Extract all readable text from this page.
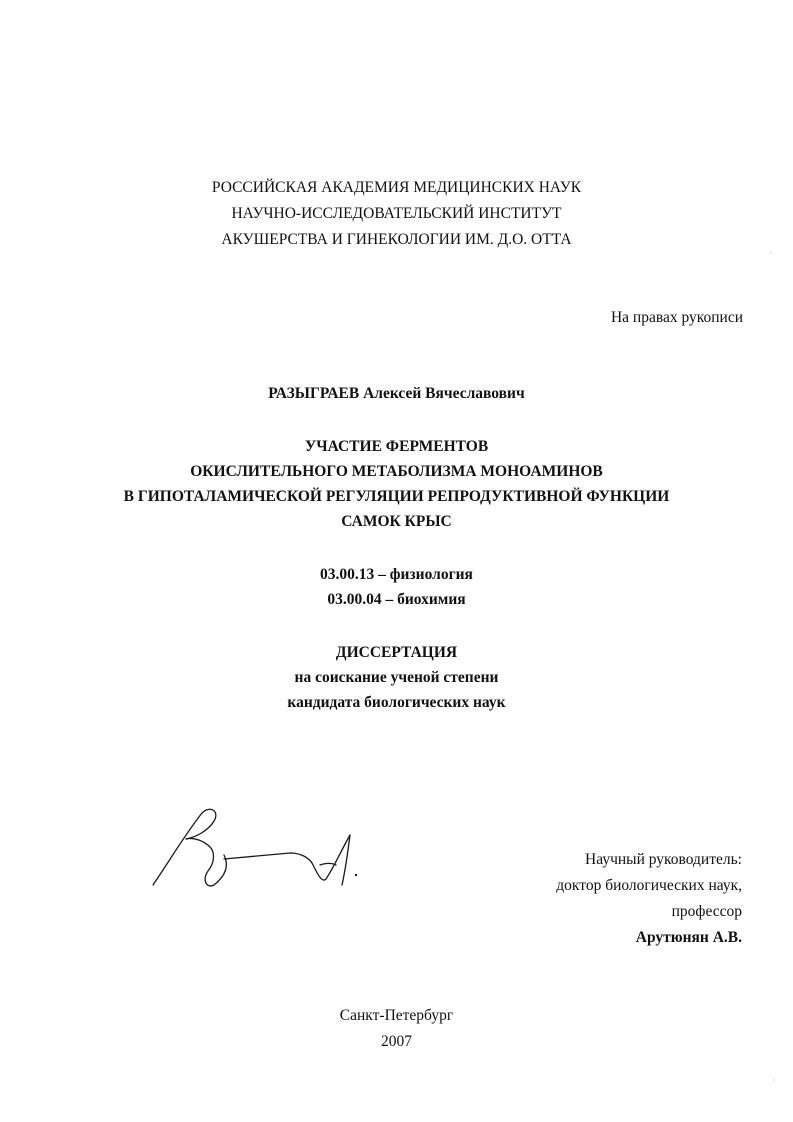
РОССИЙСКАЯ АКАДЕМИЯ МЕДИЦИНСКИХ НАУК
НАУЧНО-ИССЛЕДОВАТЕЛЬСКИЙ ИНСТИТУТ
АКУШЕРСТВА И ГИНЕКОЛОГИИ ИМ. Д.О. ОТТА
На правах рукописи
РАЗЫГРАЕВ Алексей Вячеславович
УЧАСТИЕ ФЕРМЕНТОВ
ОКИСЛИТЕЛЬНОГО МЕТАБОЛИЗМА МОНОАМИНОВ
В ГИПОТАЛАМИЧЕСКОЙ РЕГУЛЯЦИИ РЕПРОДУКТИВНОЙ ФУНКЦИИ
САМОК КРЫС
03.00.13 – физиология
03.00.04 – биохимия
ДИССЕРТАЦИЯ
на соискание ученой степени
кандидата биологических наук
Научный руководитель:
доктор биологических наук,
профессор
Арутюнян А.В.
Санкт-Петербург
2007
